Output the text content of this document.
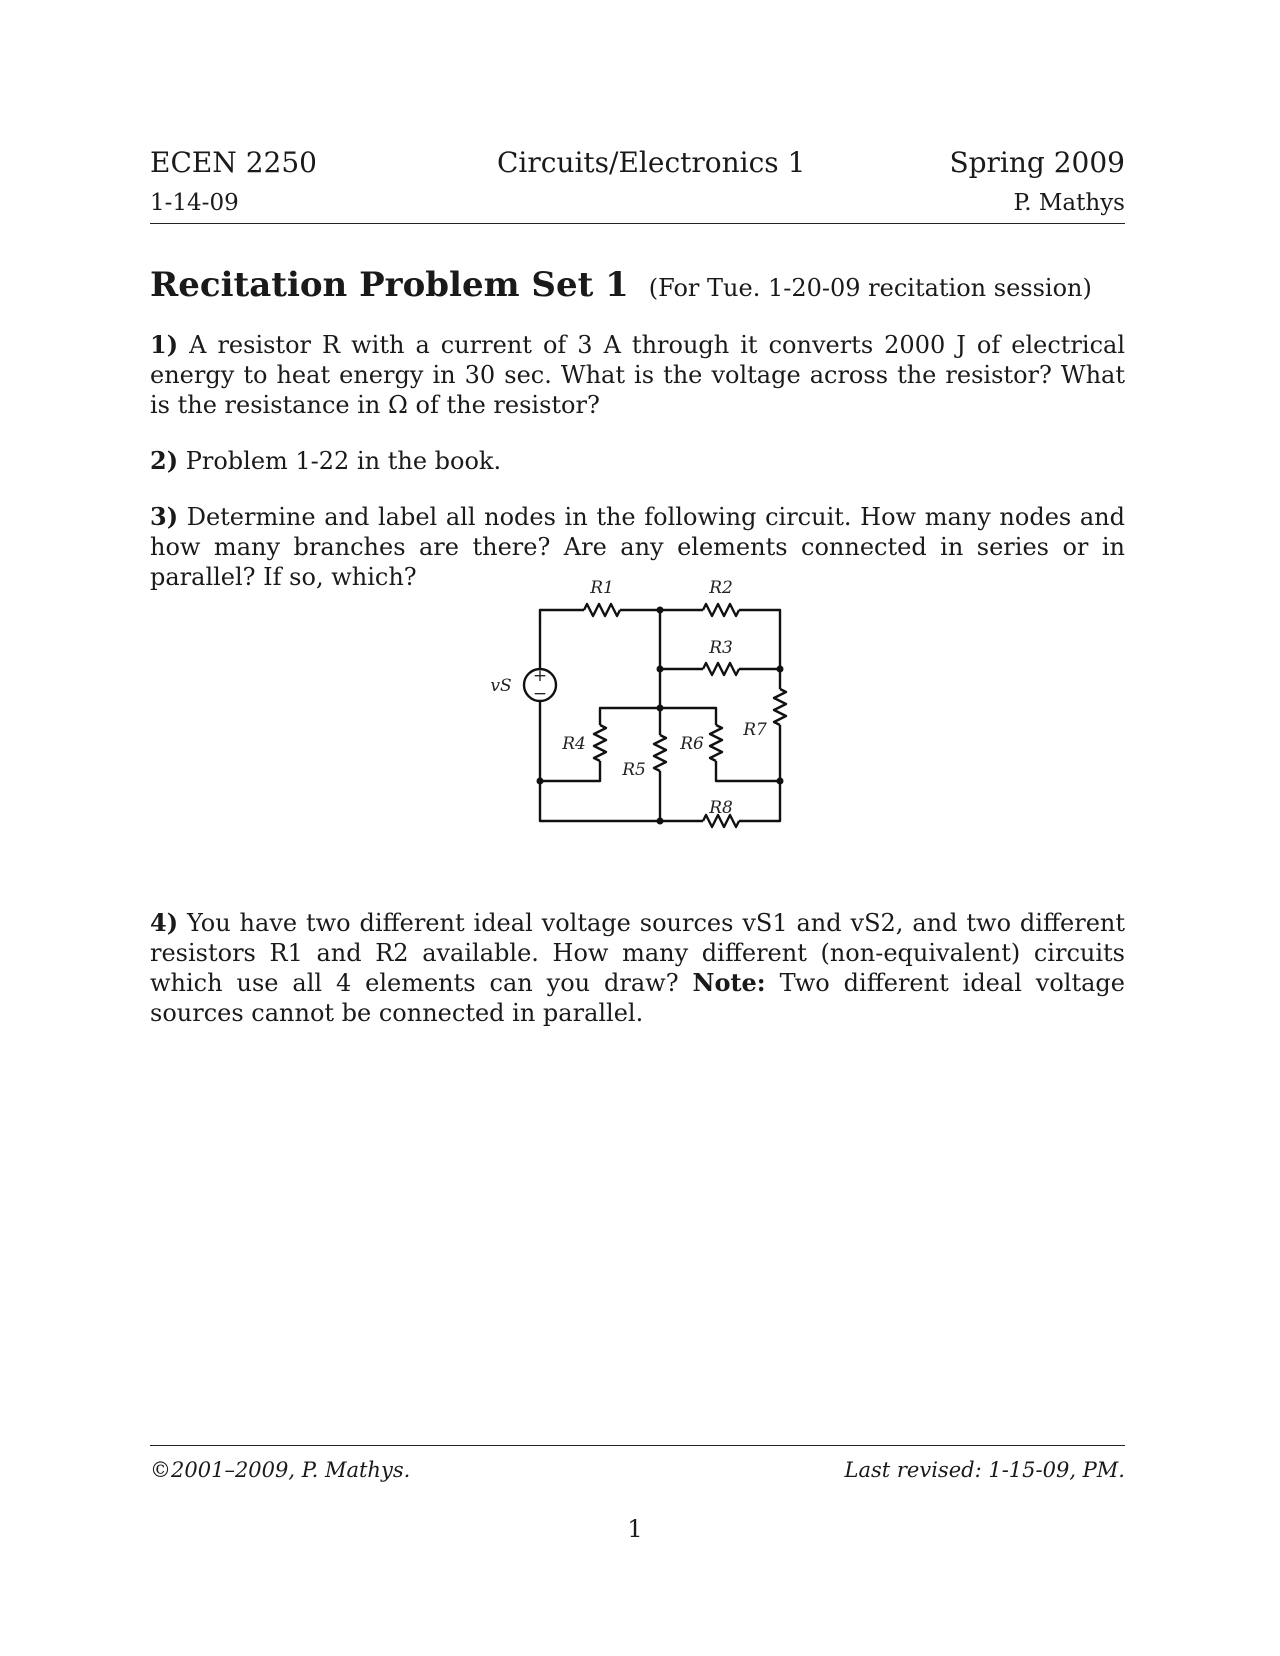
ECEN 2250	Circuits/Electronics 1	Spring 2009
1-14-09	P. Mathys
Recitation Problem Set 1 (For Tue. 1-20-09 recitation session)
1) A resistor R with a current of 3 A through it converts 2000 J of electrical energy to heat energy in 30 sec. What is the voltage across the resistor? What is the resistance in Ω of the resistor?
2) Problem 1-22 in the book.
3) Determine and label all nodes in the following circuit. How many nodes and how many branches are there? Are any elements connected in series or in parallel? If so, which?
+
−
vS
R1	R2
R3
R4
R5
R6
R7
R8
4) You have two different ideal voltage sources vS1 and vS2, and two different resistors R1 and R2 available. How many different (non-equivalent) circuits which use all 4 elements can you draw? Note: Two different ideal voltage sources cannot be connected in parallel.
©2001–2009, P. Mathys.	Last revised: 1-15-09, PM.
1
